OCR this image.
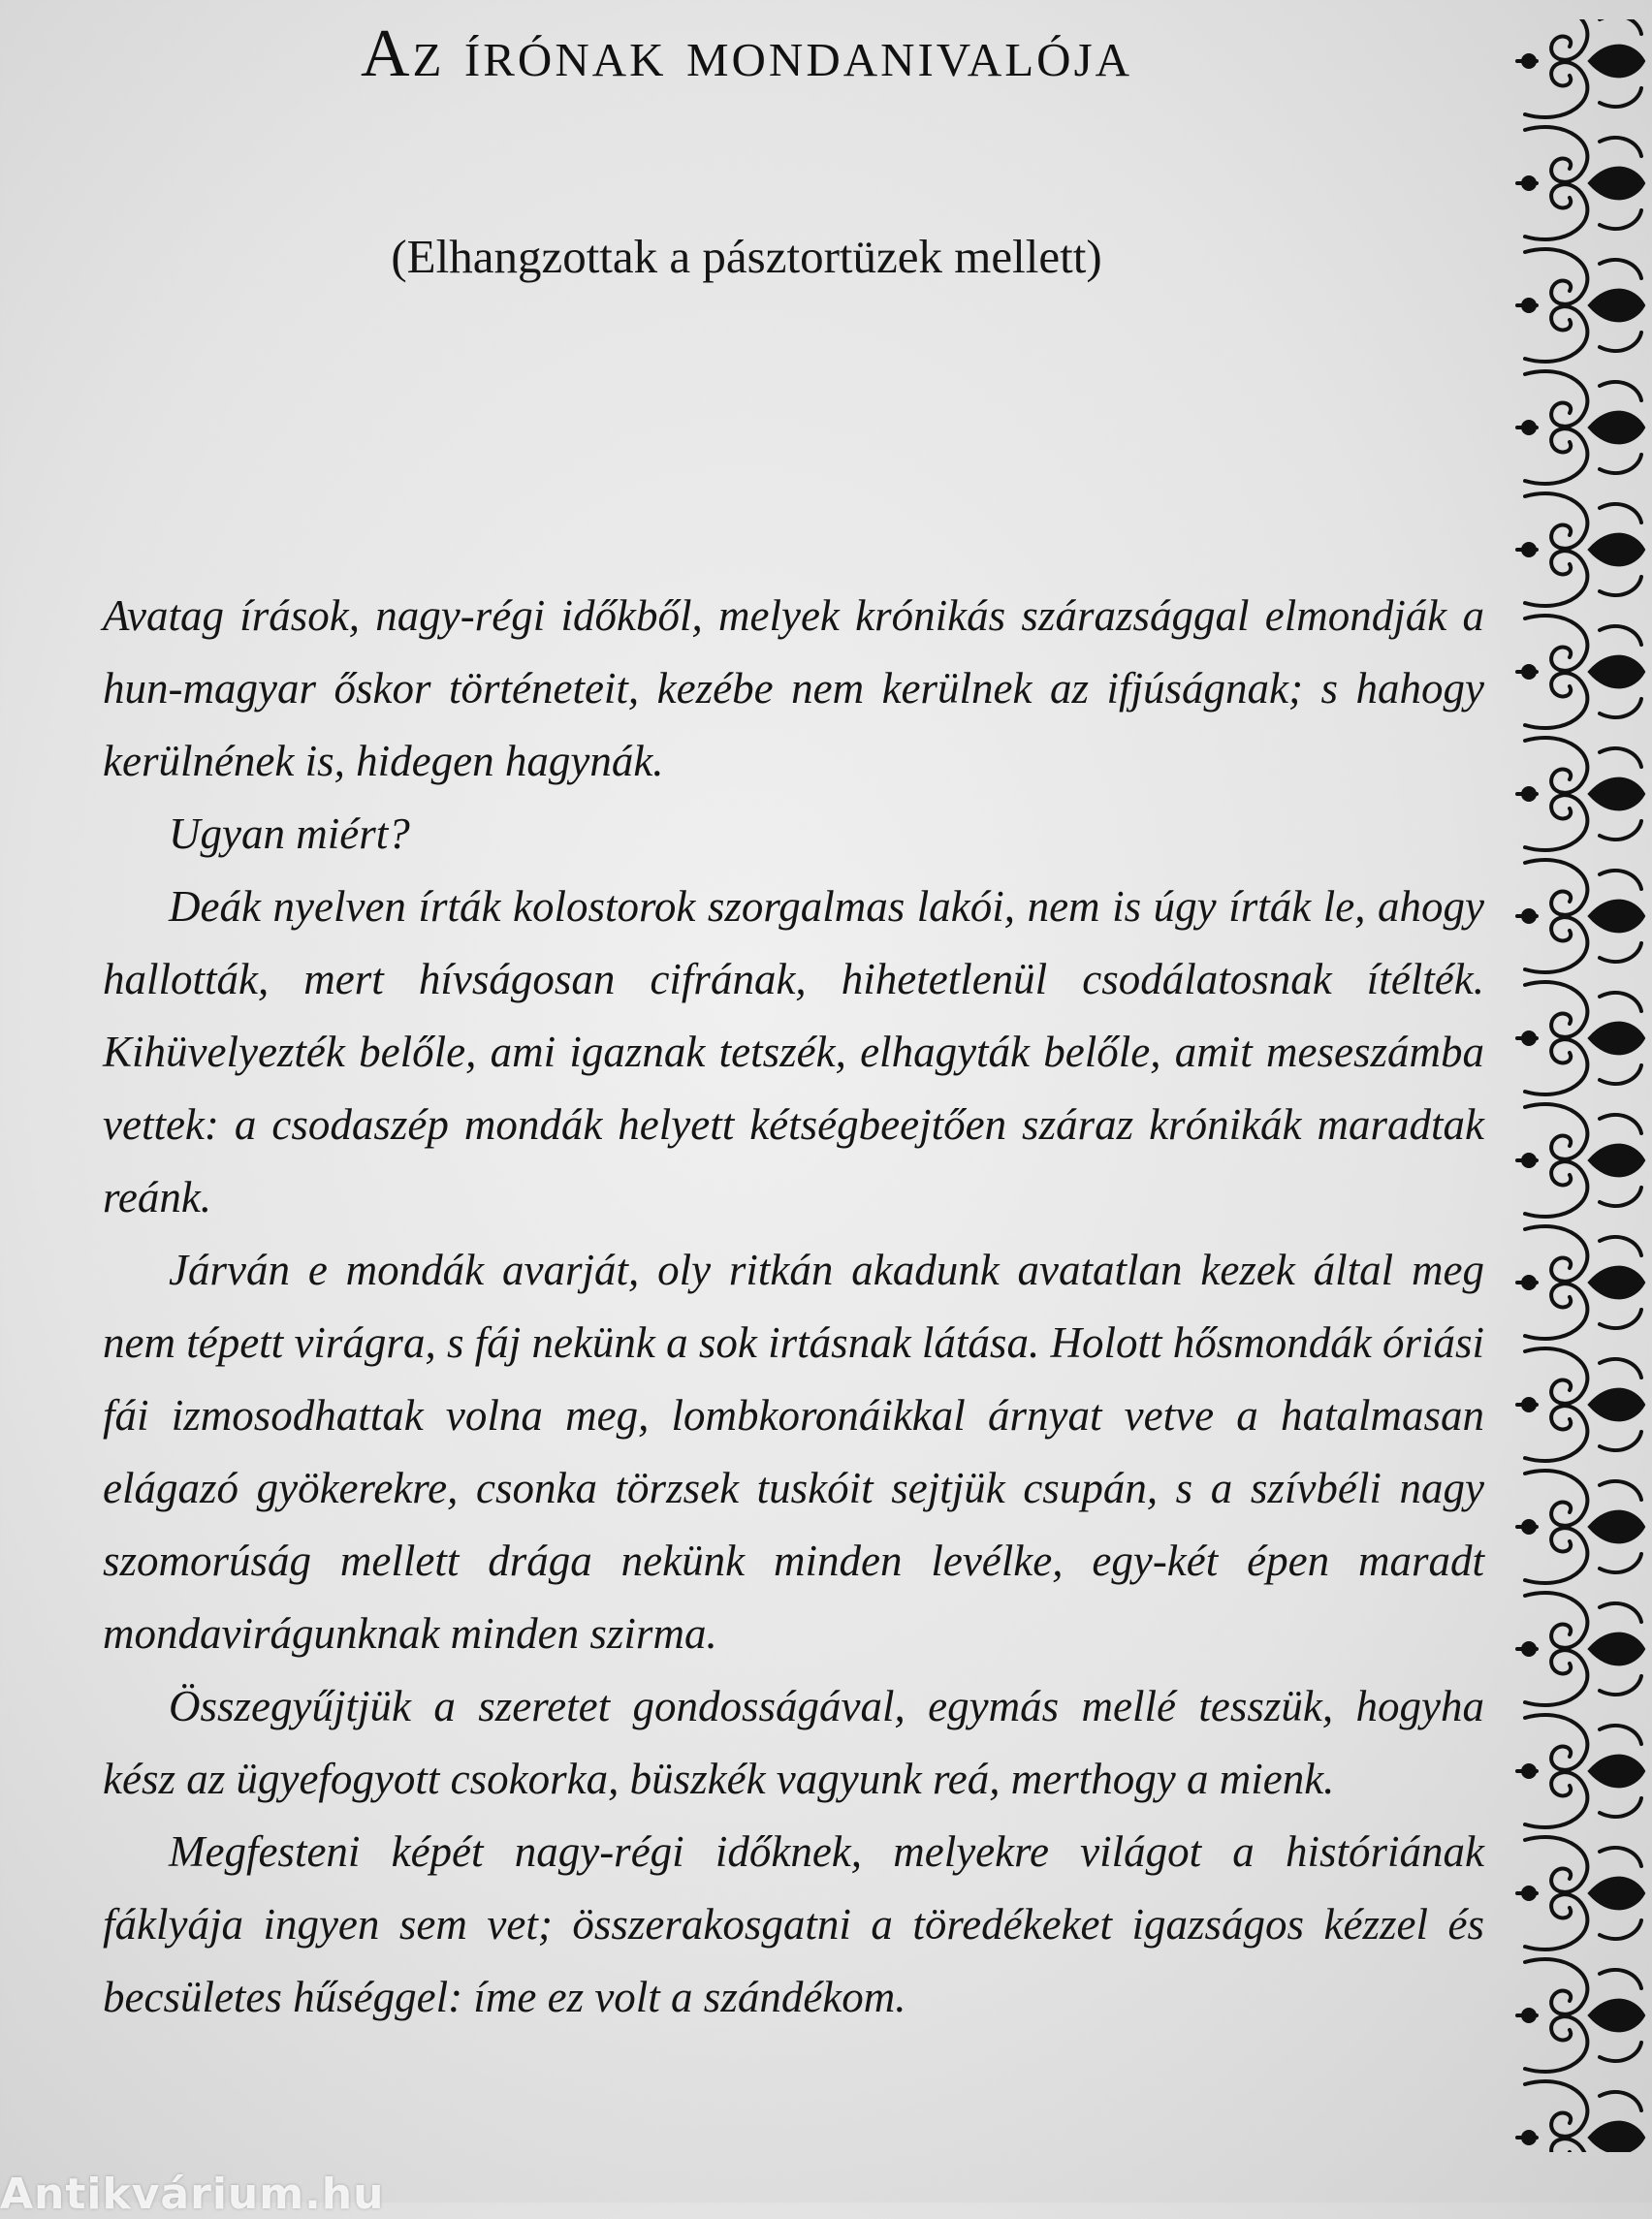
Az írónak mondanivalója

(Elhangzottak a pásztortüzek mellett)

Avatag írások, nagy-régi időkből, melyek krónikás szárazsággal elmondják a hun-magyar őskor történeteit, kezébe nem kerülnek az ifjúságnak; s hahogy kerülnének is, hidegen hagynák.

Ugyan miért?

Deák nyelven írták kolostorok szorgalmas lakói, nem is úgy írták le, ahogy hallották, mert hívságosan cifrának, hihetetlenül csodálatosnak ítélték. Kihüvelyezték belőle, ami igaznak tetszék, elhagyták belőle, amit meseszámba vettek: a csodaszép mondák helyett kétségbeejtően száraz krónikák maradtak reánk.

Járván e mondák avarját, oly ritkán akadunk avatatlan kezek által meg nem tépett virágra, s fáj nekünk a sok irtásnak látása. Holott hősmondák óriási fái izmosodhattak volna meg, lombkoronáikkal árnyat vetve a hatalmasan elágazó gyökerekre, csonka törzsek tuskóit sejtjük csupán, s a szívbéli nagy szomorúság mellett drága nekünk minden levélke, egy-két épen maradt mondavirágunknak minden szirma.

Összegyűjtjük a szeretet gondosságával, egymás mellé tesszük, hogyha kész az ügyefogyott csokorka, büszkék vagyunk reá, merthogy a mienk.

Megfesteni képét nagy-régi időknek, melyekre világot a históriának fáklyája ingyen sem vet; összerakosgatni a töredékeket igazságos kézzel és becsületes hűséggel: íme ez volt a szándékom.

Antikvárium.hu
